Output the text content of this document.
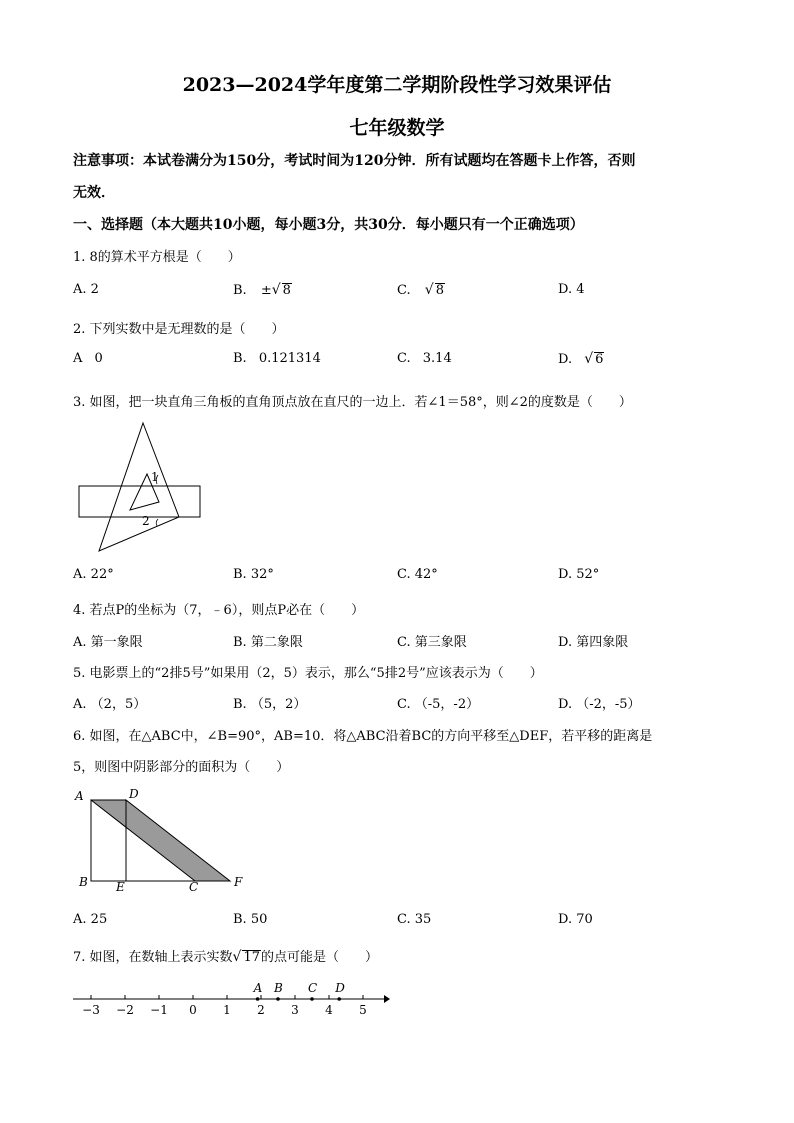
2023—2024学年度第二学期阶段性学习效果评估
七年级数学
注意事项：本试卷满分为150分，考试时间为120分钟．所有试题均在答题卡上作答，否则
无效．
一、选择题（本大题共10小题，每小题3分，共30分．每小题只有一个正确选项）
1. 8的算术平方根是（　　）
A. 2	B. ±√ 8	C. √ 8	D. 4
2. 下列实数中是无理数的是（　　）
A 0	B. 0.121314	C. 3.14	D. √ 6
3. 如图，把一块直角三角板的直角顶点放在直尺的一边上．若∠1＝58°，则∠2的度数是（　　）
1
2
A. 22°	B. 32°	C. 42°	D. 52°
4. 若点P的坐标为（7，﹣6），则点P必在（　　）
A. 第一象限	B. 第二象限	C. 第三象限	D. 第四象限
5. 电影票上的“2排5号”如果用（2，5）表示，那么“5排2号”应该表示为（　　）
A. （2，5）	B. （5，2）	C. （-5，-2）	D. （-2，-5）
6. 如图，在△ABC中，∠B=90°，AB=10．将△ABC沿着BC的方向平移至△DEF，若平移的距离是
5，则图中阴影部分的面积为（　　）
A	D
B E	C	F
A. 25	B. 50	C. 35	D. 70
7. 如图，在数轴上表示实数√ 17的点可能是（　　）
−3 −2 −1 0 1 2 3 4 5
A B C D
